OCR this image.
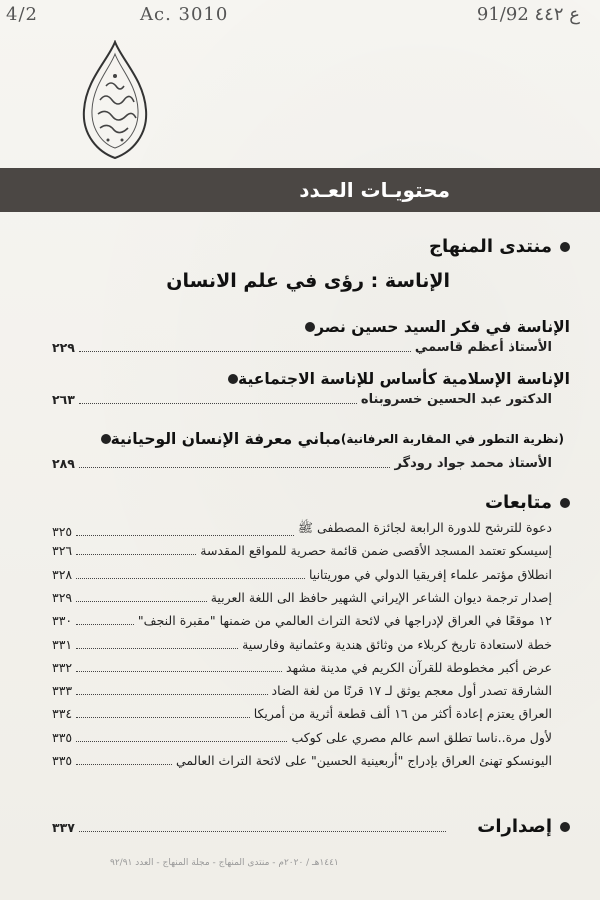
4/2	Ac. 3010	91/92 ع ٤٤٢
محتويـات العـدد
منتدى المنهاج
الإناسة : رؤى في علم الانسان
الإناسة في فكر السيد حسين نصر
الأستاذ أعظم قاسمي
٢٢٩
الإناسة الإسلامية كأساس للإناسة الاجتماعية
الدكتور عبد الحسين خسروبناه
٢٦٣
مباني معرفة الإنسان الوحيانية (نظرية التطور في المقاربة العرفانية)
الأستاذ محمد جواد رودگر
٢٨٩
متابعات
دعوة للترشح للدورة الرابعة لجائزة المصطفى ﷺ
٣٢٥
إسيسكو تعتمد المسجد الأقصى ضمن قائمة حصرية للمواقع المقدسة
٣٢٦
انطلاق مؤتمر علماء إفريقيا الدولي في موريتانيا
٣٢٨
إصدار ترجمة ديوان الشاعر الإيراني الشهير حافظ الى اللغة العربية
٣٢٩
١٢ موقعًا في العراق لإدراجها في لائحة التراث العالمي من ضمنها "مقبرة النجف"
٣٣٠
خطة لاستعادة تاريخ كربلاء من وثائق هندية وعثمانية وفارسية
٣٣١
عرض أكبر مخطوطة للقرآن الكريم في مدينة مشهد
٣٣٢
الشارقة تصدر أول معجم يوثق لـ ١٧ قرنًا من لغة الضاد
٣٣٣
العراق يعتزم إعادة أكثر من ١٦ ألف قطعة أثرية من أمريكا
٣٣٤
لأول مرة..ناسا تطلق اسم عالم مصري على كوكب
٣٣٥
اليونسكو تهنئ العراق بإدراج "أربعينية الحسين" على لائحة التراث العالمي
٣٣٥
إصدارات
٣٣٧
١٤٤١هـ / ٢٠٢٠م - منتدى المنهاج - مجلة المنهاج - العدد ٩٢/٩١
